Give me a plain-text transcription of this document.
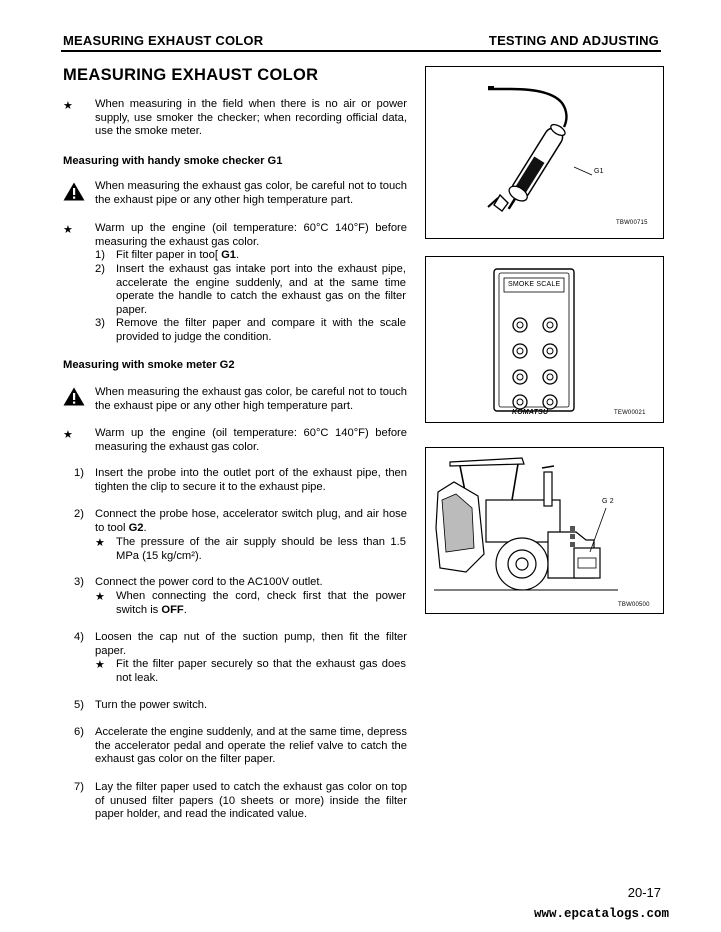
MEASURING EXHAUST COLOR	TESTING AND ADJUSTING
MEASURING EXHAUST COLOR
★ When measuring in the field when there is no air or power supply, use smoker the checker; when recording official data, use the smoke meter.
Measuring with handy smoke checker G1
When measuring the exhaust gas color, be careful not to touch the exhaust pipe or any other high temperature part.
★ Warm up the engine (oil temperature: 60°C 140°F) before measuring the exhaust gas color.
1) Fit filter paper in too[ G1.
2) Insert the exhaust gas intake port into the exhaust pipe, accelerate the engine suddenly, and at the same time operate the handle to catch the exhaust gas on the filter paper.
3) Remove the filter paper and compare it with the scale provided to judge the condition.
Measuring with smoke meter G2
When measuring the exhaust gas color, be careful not to touch the exhaust pipe or any other high temperature part.
★ Warm up the engine (oil temperature: 60°C 140°F) before measuring the exhaust gas color.
1) Insert the probe into the outlet port of the exhaust pipe, then tighten the clip to secure it to the exhaust pipe.
2) Connect the probe hose, accelerator switch plug, and air hose to tool G2.
★ The pressure of the air supply should be less than 1.5 MPa (15 kg/cm²).
3) Connect the power cord to the AC100V outlet.
★ When connecting the cord, check first that the power switch is OFF.
4) Loosen the cap nut of the suction pump, then fit the filter paper.
★ Fit the filter paper securely so that the exhaust gas does not leak.
5) Turn the power switch.
6) Accelerate the engine suddenly, and at the same time, depress the accelerator pedal and operate the relief valve to catch the exhaust gas color on the filter paper.
7) Lay the filter paper used to catch the exhaust gas color on top of unused filter papers (10 sheets or more) inside the filter paper holder, and read the indicated value.
G1
TBW00715
SMOKE SCALE
KOMATSU	TEW00021
G 2
TBW00500
20-17
www.epcatalogs.com
